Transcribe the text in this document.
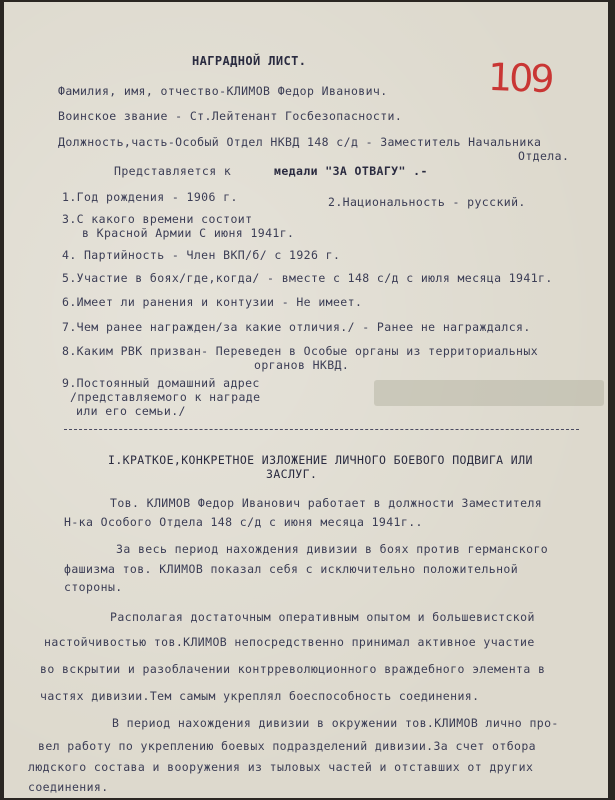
НАГРАДНОЙ ЛИСТ.	109
Фамилия, имя, отчество-КЛИМОВ Федор Иванович.
Воинское звание - Ст.Лейтенант Госбезопасности.
Должность,часть-Особый Отдел НКВД 148 с/д - Заместитель Начальника
Отдела.
Представляется к	медали "ЗА ОТВАГУ" .-
1.Год рождения - 1906 г.	2.Национальность - русский.
3.С какого времени состоит
в Красной Армии С июня 1941г.
4. Партийность - Член ВКП/б/ с 1926 г.
5.Участие в боях/где,когда/ - вместе с 148 с/д с июля месяца 1941г.
6.Имеет ли ранения и контузии - Не имеет.
7.Чем ранее награжден/за какие отличия./ - Ранее не награждался.
8.Каким РВК призван- Переведен в Особые органы из территориальных
органов НКВД.
9.Постоянный домашний адрес
/представляемого к награде
или его семьи./
I.КРАТКОЕ,КОНКРЕТНОЕ ИЗЛОЖЕНИЕ ЛИЧНОГО БОЕВОГО ПОДВИГА ИЛИ
ЗАСЛУГ.
Тов. КЛИМОВ Федор Иванович работает в должности Заместителя
Н-ка Особого Отдела 148 с/д с июня месяца 1941г..
За весь период нахождения дивизии в боях против германского
фашизма тов. КЛИМОВ показал себя с исключительно положительной
стороны.
Располагая достаточным оперативным опытом и большевистской
настойчивостью тов.КЛИМОВ непосредственно принимал активное участие
во вскрытии и разоблачении контрреволюционного враждебного элемента в
частях дивизии.Тем самым укреплял боеспособность соединения.
В период нахождения дивизии в окружении тов.КЛИМОВ лично про-
вел работу по укреплению боевых подразделений дивизии.За счет отбора
людского состава и вооружения из тыловых частей и отставших от других
соединения.
